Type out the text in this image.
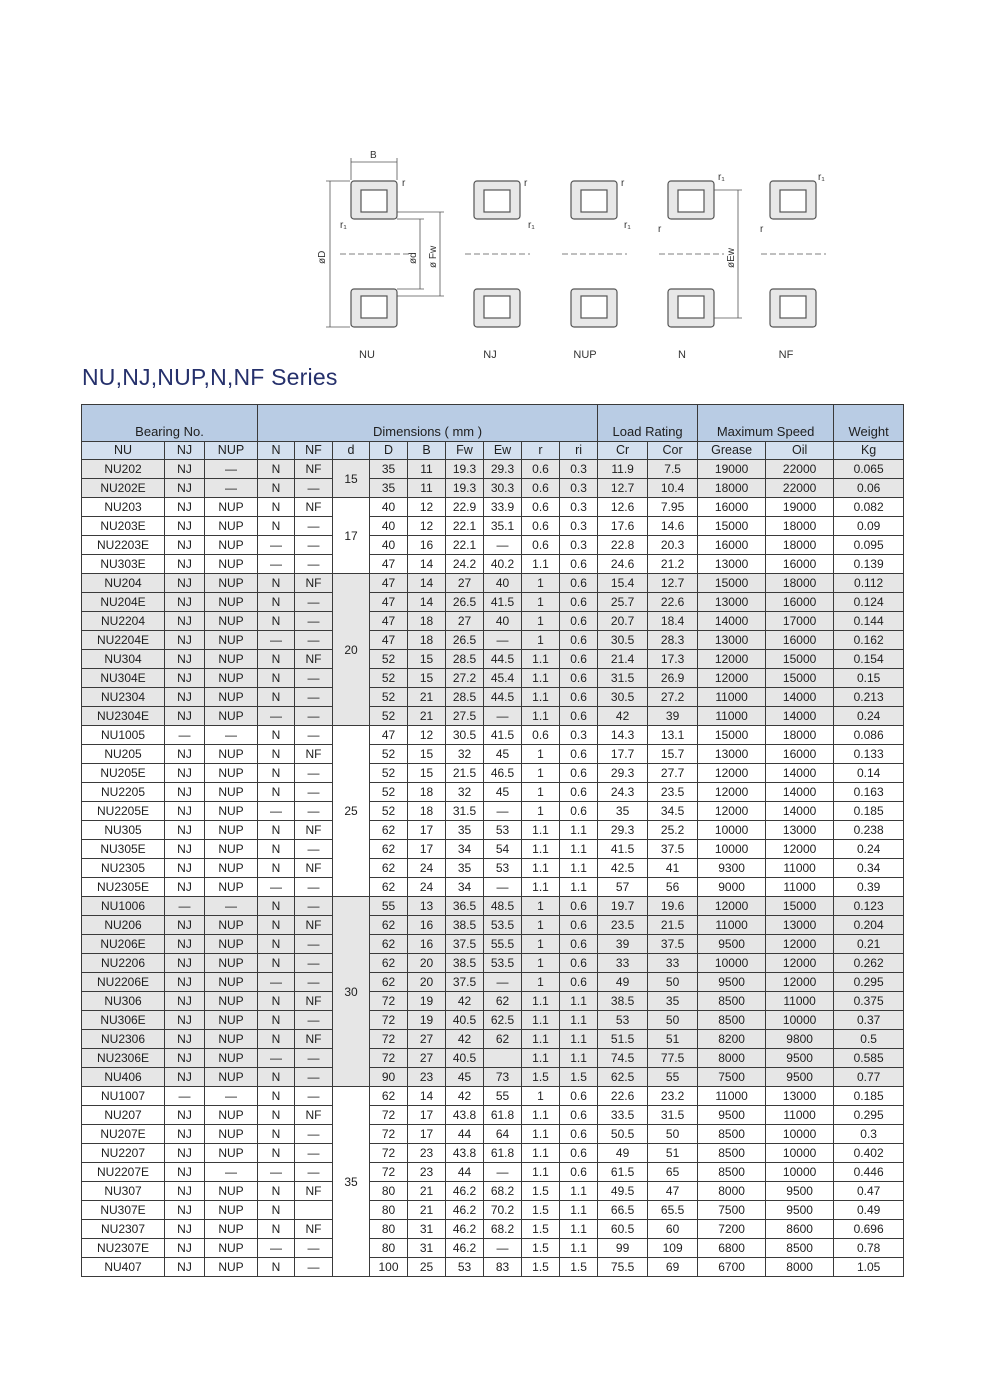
B
r
r₁
øD	ød ø Fw	øEw
r
r₁
r
r₁
r₁
r
r₁
r
NU	NJ	NUP	N	NF
NU,NJ,NUP,N,NF Series
Bearing No.			Dimensions ( mm )									Load Rating		Maximum Speed		Weight
NU	NJ	NUP	N	NF	d	D	B	Fw	Ew	r	ri	Cr	Cor	Grease	Oil	Kg
NU202	NJ	—	N	NF	15	35	11	19.3	29.3	0.6	0.3	11.9	7.5	19000	22000	0.065
NU202E	NJ	—	N	—		35	11	19.3	30.3	0.6	0.3	12.7	10.4	18000	22000	0.06
NU203	NJ	NUP	N	NF	17	40	12	22.9	33.9	0.6	0.3	12.6	7.95	16000	19000	0.082
NU203E	NJ	NUP	N	—		40	12	22.1	35.1	0.6	0.3	17.6	14.6	15000	18000	0.09
NU2203E	NJ	NUP	—	—		40	16	22.1	—	0.6	0.3	22.8	20.3	16000	18000	0.095
NU303E	NJ	NUP	—	—		47	14	24.2	40.2	1.1	0.6	24.6	21.2	13000	16000	0.139
NU204	NJ	NUP	N	NF	20	47	14	27	40	1	0.6	15.4	12.7	15000	18000	0.112
NU204E	NJ	NUP	N	—		47	14	26.5	41.5	1	0.6	25.7	22.6	13000	16000	0.124
NU2204	NJ	NUP	N	—		47	18	27	40	1	0.6	20.7	18.4	14000	17000	0.144
NU2204E	NJ	NUP	—	—		47	18	26.5	—	1	0.6	30.5	28.3	13000	16000	0.162
NU304	NJ	NUP	N	NF		52	15	28.5	44.5	1.1	0.6	21.4	17.3	12000	15000	0.154
NU304E	NJ	NUP	N	—		52	15	27.2	45.4	1.1	0.6	31.5	26.9	12000	15000	0.15
NU2304	NJ	NUP	N	—		52	21	28.5	44.5	1.1	0.6	30.5	27.2	11000	14000	0.213
NU2304E	NJ	NUP	—	—		52	21	27.5	—	1.1	0.6	42	39	11000	14000	0.24
NU1005	—	—	N	—	25	47	12	30.5	41.5	0.6	0.3	14.3	13.1	15000	18000	0.086
NU205	NJ	NUP	N	NF		52	15	32	45	1	0.6	17.7	15.7	13000	16000	0.133
NU205E	NJ	NUP	N	—		52	15	21.5	46.5	1	0.6	29.3	27.7	12000	14000	0.14
NU2205	NJ	NUP	N	—		52	18	32	45	1	0.6	24.3	23.5	12000	14000	0.163
NU2205E	NJ	NUP	—	—		52	18	31.5	—	1	0.6	35	34.5	12000	14000	0.185
NU305	NJ	NUP	N	NF		62	17	35	53	1.1	1.1	29.3	25.2	10000	13000	0.238
NU305E	NJ	NUP	N	—		62	17	34	54	1.1	1.1	41.5	37.5	10000	12000	0.24
NU2305	NJ	NUP	N	NF		62	24	35	53	1.1	1.1	42.5	41	9300	11000	0.34
NU2305E	NJ	NUP	—	—		62	24	34	—	1.1	1.1	57	56	9000	11000	0.39
NU1006	—	—	N	—	30	55	13	36.5	48.5	1	0.6	19.7	19.6	12000	15000	0.123
NU206	NJ	NUP	N	NF		62	16	38.5	53.5	1	0.6	23.5	21.5	11000	13000	0.204
NU206E	NJ	NUP	N	—		62	16	37.5	55.5	1	0.6	39	37.5	9500	12000	0.21
NU2206	NJ	NUP	N	—		62	20	38.5	53.5	1	0.6	33	33	10000	12000	0.262
NU2206E	NJ	NUP	—	—		62	20	37.5	—	1	0.6	49	50	9500	12000	0.295
NU306	NJ	NUP	N	NF		72	19	42	62	1.1	1.1	38.5	35	8500	11000	0.375
NU306E	NJ	NUP	N	—		72	19	40.5	62.5	1.1	1.1	53	50	8500	10000	0.37
NU2306	NJ	NUP	N	NF		72	27	42	62	1.1	1.1	51.5	51	8200	9800	0.5
NU2306E	NJ	NUP	—	—		72	27	40.5		1.1	1.1	74.5	77.5	8000	9500	0.585
NU406	NJ	NUP	N	—		90	23	45	73	1.5	1.5	62.5	55	7500	9500	0.77
NU1007	—	—	N	—	35	62	14	42	55	1	0.6	22.6	23.2	11000	13000	0.185
NU207	NJ	NUP	N	NF		72	17	43.8	61.8	1.1	0.6	33.5	31.5	9500	11000	0.295
NU207E	NJ	NUP	N	—		72	17	44	64	1.1	0.6	50.5	50	8500	10000	0.3
NU2207	NJ	NUP	N	—		72	23	43.8	61.8	1.1	0.6	49	51	8500	10000	0.402
NU2207E	NJ	—	—	—		72	23	44	—	1.1	0.6	61.5	65	8500	10000	0.446
NU307	NJ	NUP	N	NF		80	21	46.2	68.2	1.5	1.1	49.5	47	8000	9500	0.47
NU307E	NJ	NUP	N			80	21	46.2	70.2	1.5	1.1	66.5	65.5	7500	9500	0.49
NU2307	NJ	NUP	N	NF		80	31	46.2	68.2	1.5	1.1	60.5	60	7200	8600	0.696
NU2307E	NJ	NUP	—	—		80	31	46.2	—	1.5	1.1	99	109	6800	8500	0.78
NU407	NJ	NUP	N	—		100	25	53	83	1.5	1.5	75.5	69	6700	8000	1.05
